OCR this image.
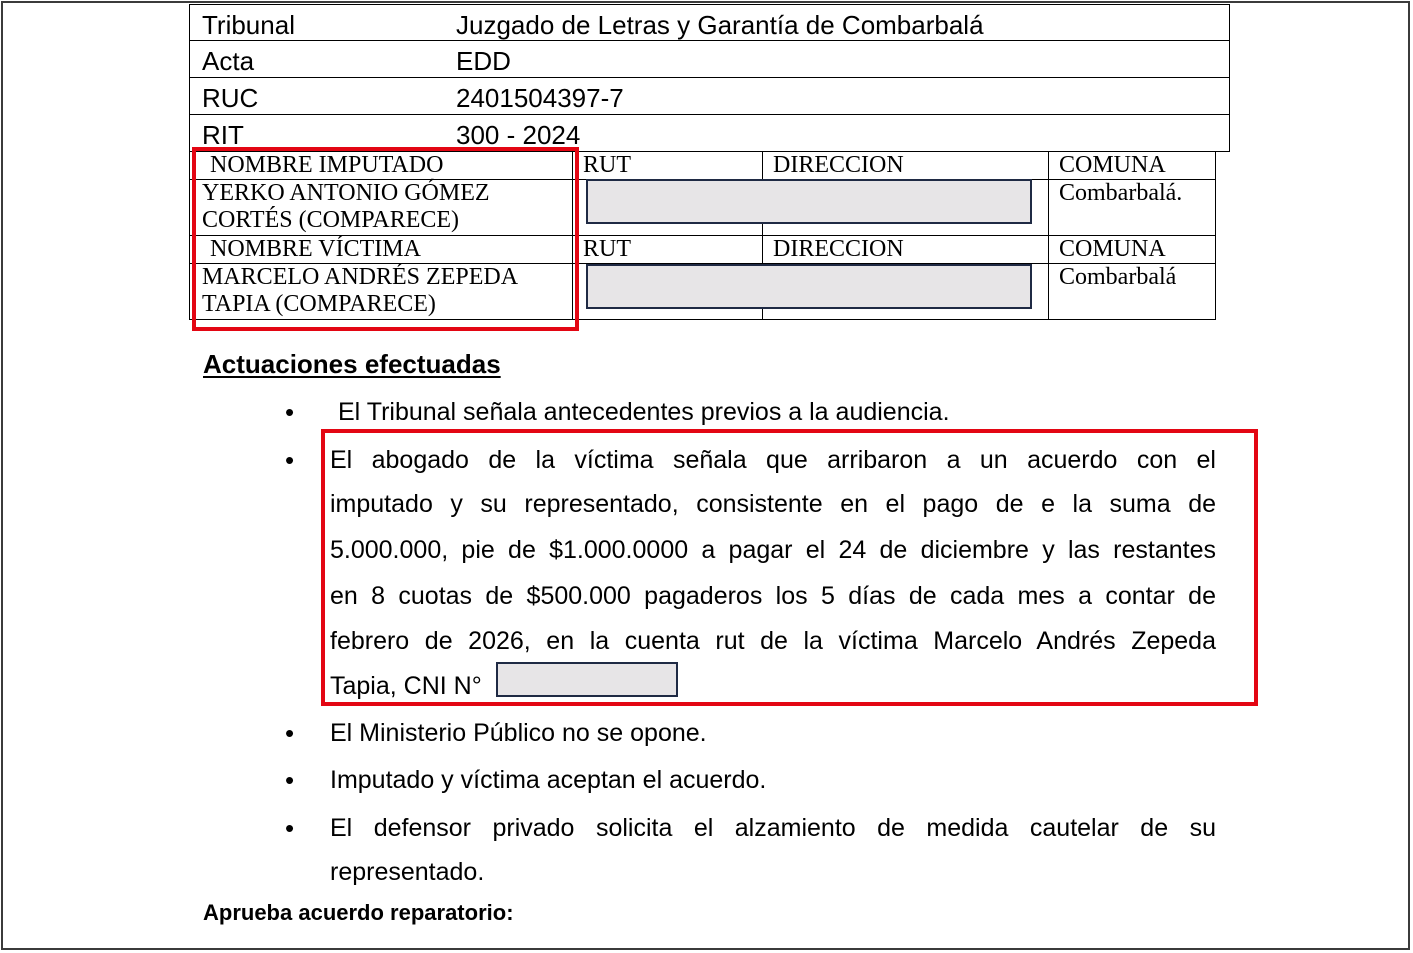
Tribunal	Juzgado de Letras y Garantía de Combarbalá
Acta	EDD
RUC	2401504397-7
RIT	300 - 2024
NOMBRE IMPUTADO	RUT	DIRECCION	COMUNA

YERKO ANTONIO GÓMEZ
CORTÉS (COMPARECE)			Combarbalá.
NOMBRE VÍCTIMA	RUT	DIRECCION	COMUNA

MARCELO ANDRÉS ZEPEDA
TAPIA (COMPARECE)			Combarbalá
Actuaciones efectuadas
• El Tribunal señala antecedentes previos a la audiencia.
• El abogado de la víctima señala que arribaron a un acuerdo con el
imputado y su representado, consistente en el pago de e la suma de
5.000.000, pie de $1.000.0000 a pagar el 24 de diciembre y las restantes
en 8 cuotas de $500.000 pagaderos los 5 días de cada mes a contar de
febrero de 2026, en la cuenta rut de la víctima Marcelo Andrés Zepeda
Tapia, CNI N°
• El Ministerio Público no se opone.
• Imputado y víctima aceptan el acuerdo.
• El defensor privado solicita el alzamiento de medida cautelar de su
representado.
Aprueba acuerdo reparatorio:
